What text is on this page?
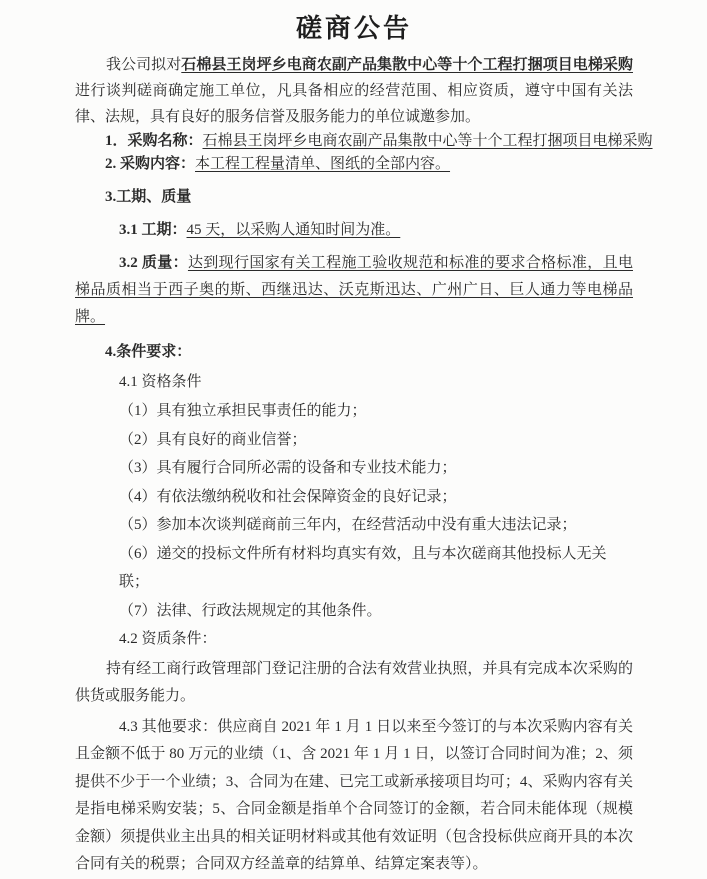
磋商公告

我公司拟对石棉县王岗坪乡电商农副产品集散中心等十个工程打捆项目电梯采购进行谈判磋商确定施工单位，凡具备相应的经营范围、相应资质，遵守中国有关法律、法规，具有良好的服务信誉及服务能力的单位诚邀参加。

1．采购名称：石棉县王岗坪乡电商农副产品集散中心等十个工程打捆项目电梯采购

2. 采购内容：本工程工程量清单、图纸的全部内容。

3.工期、质量

3.1 工期：45 天，以采购人通知时间为准。

3.2 质量：达到现行国家有关工程施工验收规范和标准的要求合格标准，且电梯品质相当于西子奥的斯、西继迅达、沃克斯迅达、广州广日、巨人通力等电梯品牌。

4.条件要求：

4.1 资格条件

（1）具有独立承担民事责任的能力；

（2）具有良好的商业信誉；

（3）具有履行合同所必需的设备和专业技术能力；

（4）有依法缴纳税收和社会保障资金的良好记录；

（5）参加本次谈判磋商前三年内，在经营活动中没有重大违法记录；

（6）递交的投标文件所有材料均真实有效，且与本次磋商其他投标人无关联；

（7）法律、行政法规规定的其他条件。

4.2 资质条件：

持有经工商行政管理部门登记注册的合法有效营业执照，并具有完成本次采购的供货或服务能力。

4.3 其他要求：供应商自 2021 年 1 月 1 日以来至今签订的与本次采购内容有关且金额不低于 80 万元的业绩（1、含 2021 年 1 月 1 日，以签订合同时间为准；2、须提供不少于一个业绩；3、合同为在建、已完工或新承接项目均可；4、采购内容有关是指电梯采购安装；5、合同金额是指单个合同签订的金额，若合同未能体现（规模金额）须提供业主出具的相关证明材料或其他有效证明（包含投标供应商开具的本次合同有关的税票；合同双方经盖章的结算单、结算定案表等）。
